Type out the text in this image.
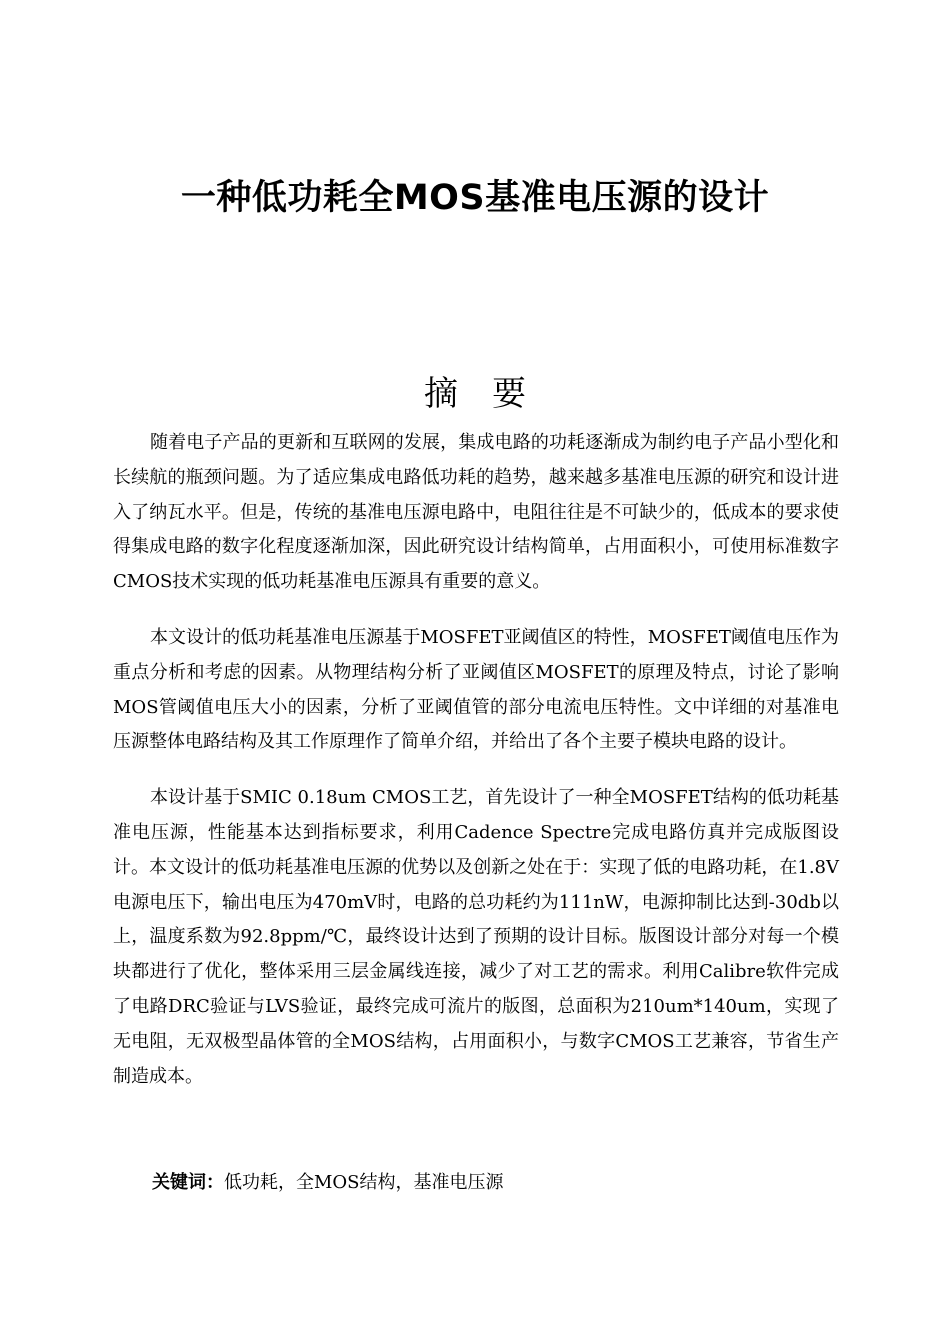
一种低功耗全MOS基准电压源的设计
摘 要

随着电子产品的更新和互联网的发展，集成电路的功耗逐渐成为制约电子产品小型化和长续航的瓶颈问题。为了适应集成电路低功耗的趋势，越来越多基准电压源的研究和设计进入了纳瓦水平。但是，传统的基准电压源电路中，电阻往往是不可缺少的，低成本的要求使得集成电路的数字化程度逐渐加深，因此研究设计结构简单，占用面积小，可使用标准数字 CMOS技术实现的低功耗基准电压源具有重要的意义。

本文设计的低功耗基准电压源基于MOSFET亚阈值区的特性，MOSFET阈值电压作为重点分析和考虑的因素。从物理结构分析了亚阈值区MOSFET的原理及特点，讨论了影响MOS管阈值电压大小的因素，分析了亚阈值管的部分电流电压特性。文中详细的对基准电压源整体电路结构及其工作原理作了简单介绍，并给出了各个主要子模块电路的设计。

本设计基于SMIC 0.18um CMOS工艺，首先设计了一种全MOSFET结构的低功耗基准电压源，性能基本达到指标要求，利用Cadence Spectre完成电路仿真并完成版图设计。本文设计的低功耗基准电压源的优势以及创新之处在于：实现了低的电路功耗，在1.8V电源电压下，输出电压为470mV时，电路的总功耗约为111nW，电源抑制比达到-30db以上，温度系数为92.8ppm/℃，最终设计达到了预期的设计目标。版图设计部分对每一个模块都进行了优化，整体采用三层金属线连接，减少了对工艺的需求。利用Calibre软件完成了电路DRC验证与LVS验证，最终完成可流片的版图，总面积为210um*140um，实现了无电阻，无双极型晶体管的全MOS结构，占用面积小，与数字CMOS工艺兼容，节省生产制造成本。

关键词：低功耗，全MOS结构，基准电压源
